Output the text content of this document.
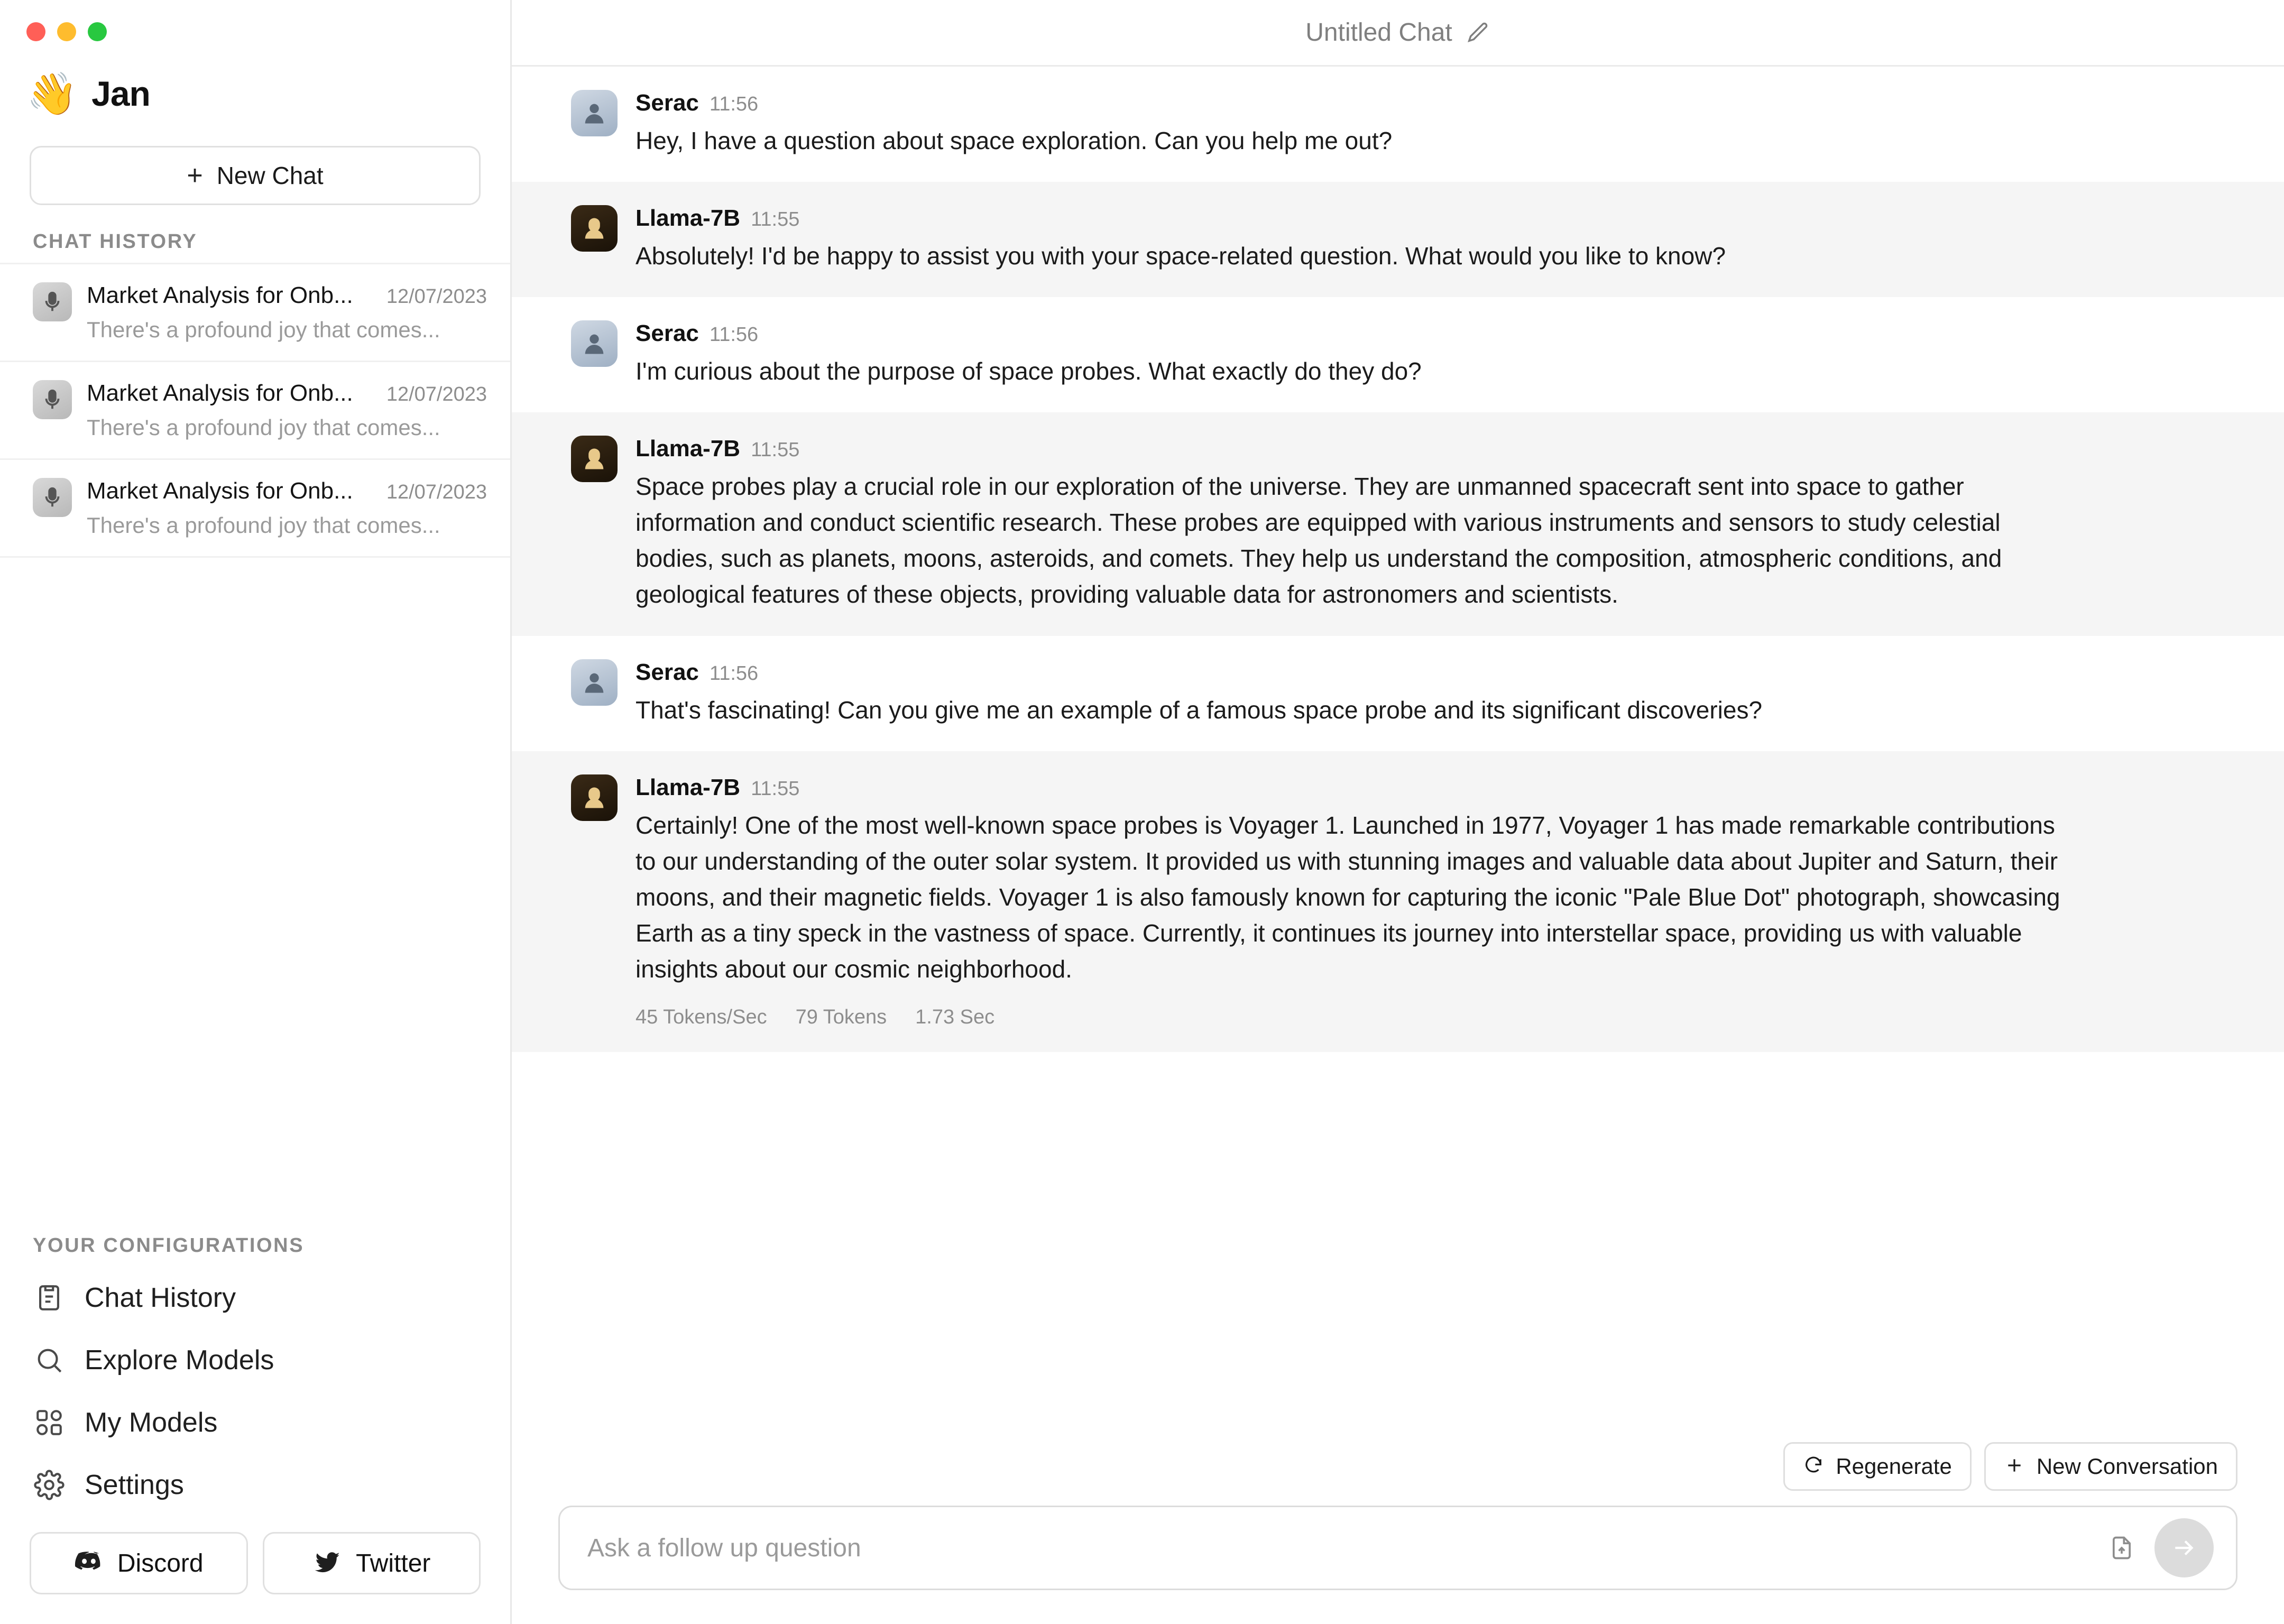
👋 Jan
+ New Chat
CHAT HISTORY
Market Analysis for Onb...	12/07/2023
There's a profound joy that comes...
Market Analysis for Onb...	12/07/2023
There's a profound joy that comes...
Market Analysis for Onb...	12/07/2023
There's a profound joy that comes...
YOUR CONFIGURATIONS
Chat History
Explore Models
My Models
Settings
Discord	Twitter
Untitled Chat
Serac 11:56
Hey, I have a question about space exploration. Can you help me out?
Llama-7B 11:55
Absolutely! I'd be happy to assist you with your space-related question. What would you like to know?
Serac 11:56
I'm curious about the purpose of space probes. What exactly do they do?
Llama-7B 11:55
Space probes play a crucial role in our exploration of the universe. They are unmanned spacecraft sent into space to gather information and conduct scientific research. These probes are equipped with various instruments and sensors to study celestial bodies, such as planets, moons, asteroids, and comets. They help us understand the composition, atmospheric conditions, and geological features of these objects, providing valuable data for astronomers and scientists.
Serac 11:56
That's fascinating! Can you give me an example of a famous space probe and its significant discoveries?
Llama-7B 11:55
Certainly! One of the most well-known space probes is Voyager 1. Launched in 1977, Voyager 1 has made remarkable contributions to our understanding of the outer solar system. It provided us with stunning images and valuable data about Jupiter and Saturn, their moons, and their magnetic fields. Voyager 1 is also famously known for capturing the iconic "Pale Blue Dot" photograph, showcasing Earth as a tiny speck in the vastness of space. Currently, it continues its journey into interstellar space, providing us with valuable insights about our cosmic neighborhood.
45 Tokens/Sec 79 Tokens 1.73 Sec
Regenerate	New Conversation
Ask a follow up question
